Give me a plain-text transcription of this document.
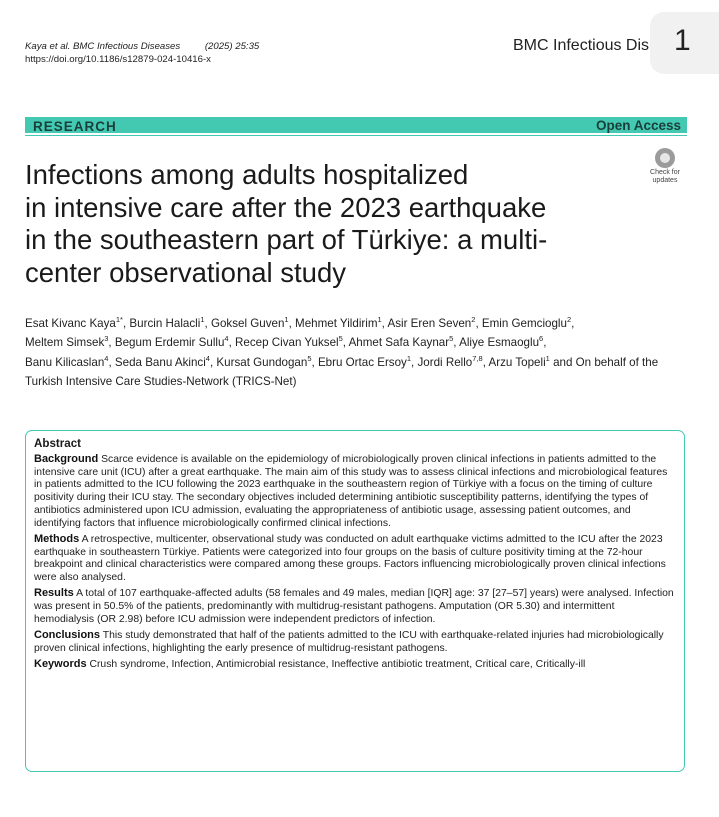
Kaya et al. BMC Infectious Diseases	(2025) 25:35
https://doi.org/10.1186/s12879-024-10416-x
BMC Infectious Dis 1
RESEARCH	Open Access
Check for
updates
Infections among adults hospitalized
in intensive care after the 2023 earthquake
in the southeastern part of Türkiye: a multi-
center observational study
Esat Kivanc Kaya$^{1*}$, Burcin Halacli$^1$, Goksel Guven$^1$, Mehmet Yildirim$^1$, Asir Eren Seven$^2$, Emin Gemcioglu$^2$,
Meltem Simsek$^3$, Begum Erdemir Sullu$^4$, Recep Civan Yuksel$^5$, Ahmet Safa Kaynar$^5$, Aliye Esmaoglu$^6$,
Banu Kilicaslan$^4$, Seda Banu Akinci$^4$, Kursat Gundogan$^5$, Ebru Ortac Ersoy$^1$, Jordi Rello$^{7,8}$, Arzu Topeli$^1$ and On behalf of the Turkish Intensive Care Studies-Network (TRICS-Net)
Abstract
Background Scarce evidence is available on the epidemiology of microbiologically proven clinical infections in patients admitted to the intensive care unit (ICU) after a great earthquake. The main aim of this study was to assess clinical infections and microbiological features in patients admitted to the ICU following the 2023 earthquake in the southeastern region of Türkiye with a focus on the timing of culture positivity during their ICU stay. The secondary objectives included determining antibiotic susceptibility patterns, identifying the types of antibiotics administered upon ICU admission, evaluating the appropriateness of antibiotic usage, assessing patient outcomes, and identifying factors that influence microbiologically confirmed clinical infections.
Methods A retrospective, multicenter, observational study was conducted on adult earthquake victims admitted to the ICU after the 2023 earthquake in southeastern Türkiye. Patients were categorized into four groups on the basis of culture positivity timing at the 72-hour breakpoint and clinical characteristics were compared among these groups. Factors influencing microbiologically proven clinical infections were also analysed.
Results A total of 107 earthquake-affected adults (58 females and 49 males, median [IQR] age: 37 [27–57] years) were analysed. Infection was present in 50.5% of the patients, predominantly with multidrug-resistant pathogens. Amputation (OR 5.30) and intermittent hemodialysis (OR 2.98) before ICU admission were independent predictors of infection.
Conclusions This study demonstrated that half of the patients admitted to the ICU with earthquake-related injuries had microbiologically proven clinical infections, highlighting the early presence of multidrug-resistant pathogens.
Keywords Crush syndrome, Infection, Antimicrobial resistance, Ineffective antibiotic treatment, Critical care, Critically-ill
